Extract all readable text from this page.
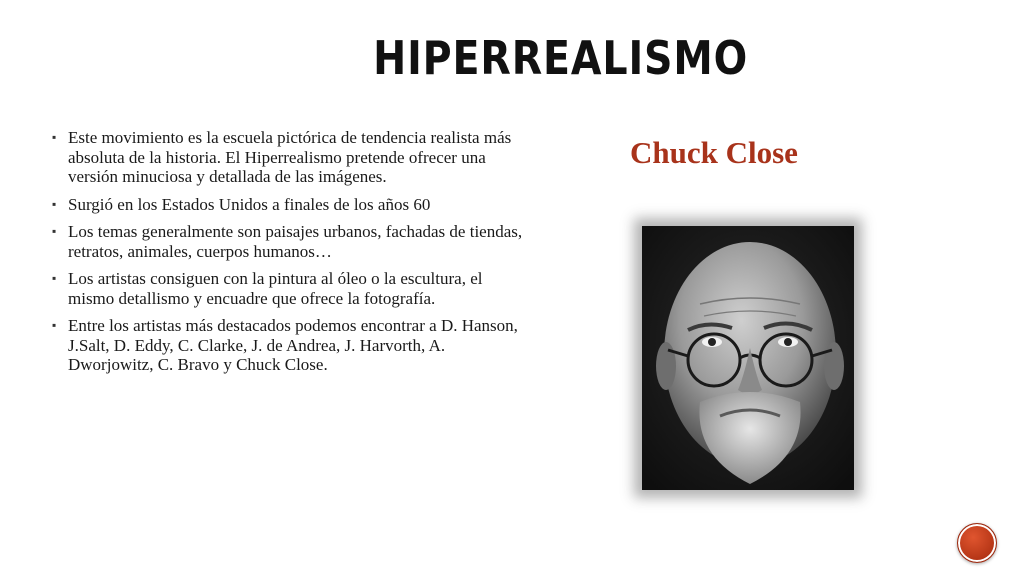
HIPERREALISMO
▪ Este movimiento es la escuela pictórica de tendencia realista más absoluta de la historia. El Hiperrealismo pretende ofrecer una versión minuciosa y detallada de las imágenes.
▪ Surgió en los Estados Unidos a finales de los años 60
▪ Los temas generalmente son paisajes urbanos, fachadas de tiendas, retratos, animales, cuerpos humanos…
▪ Los artistas consiguen con la pintura al óleo o la escultura, el mismo detallismo y encuadre que ofrece la fotografía.
▪ Entre los artistas más destacados podemos encontrar a D. Hanson, J.Salt, D. Eddy, C. Clarke, J. de Andrea, J. Harvorth, A. Dworjowitz, C. Bravo y Chuck Close.
Chuck Close
